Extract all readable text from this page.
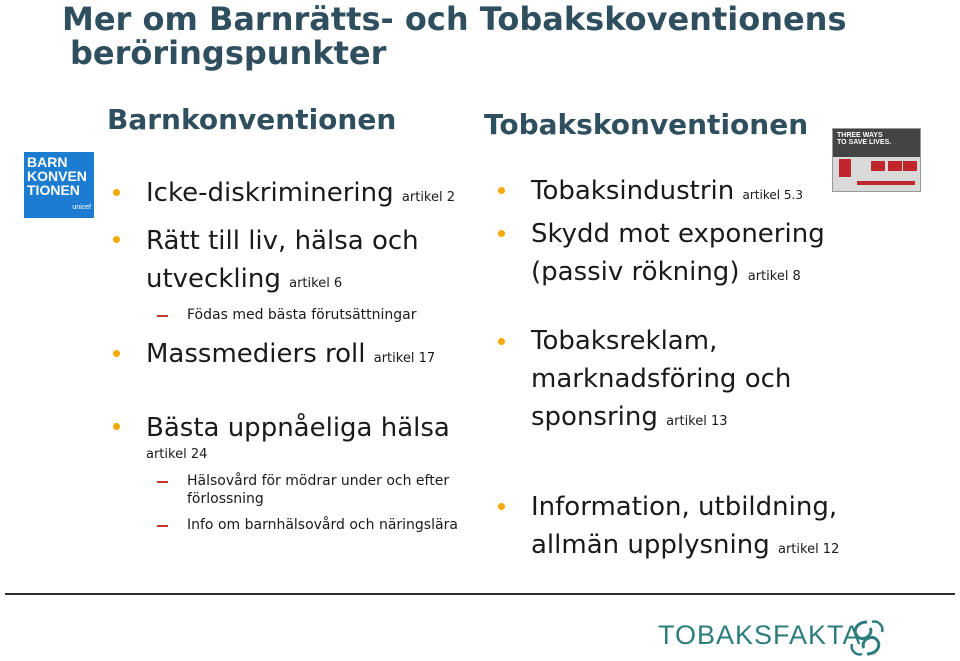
Mer om Barnrätts- och Tobakskoventionens
beröringspunkter
Barnkonventionen
BARN
KONVEN
TIONEN
unicef Icke-diskriminering artikel 2
Rätt till liv, hälsa och
utveckling artikel 6
Födas med bästa förutsättningar
Massmediers roll artikel 17
Bästa uppnåeliga hälsa
artikel 24
Hälsovård för mödrar under och efter
förlossning
Info om barnhälsovård och näringslära
Tobakskonventionen	THREE WAYS
TO SAVE LIVES.
Tobaksindustrin artikel 5.3
Skydd mot exponering
(passiv rökning) artikel 8
Tobaksreklam,
marknadsföring och
sponsring artikel 13
Information, utbildning,
allmän upplysning artikel 12
TOBAKSFAKTA
